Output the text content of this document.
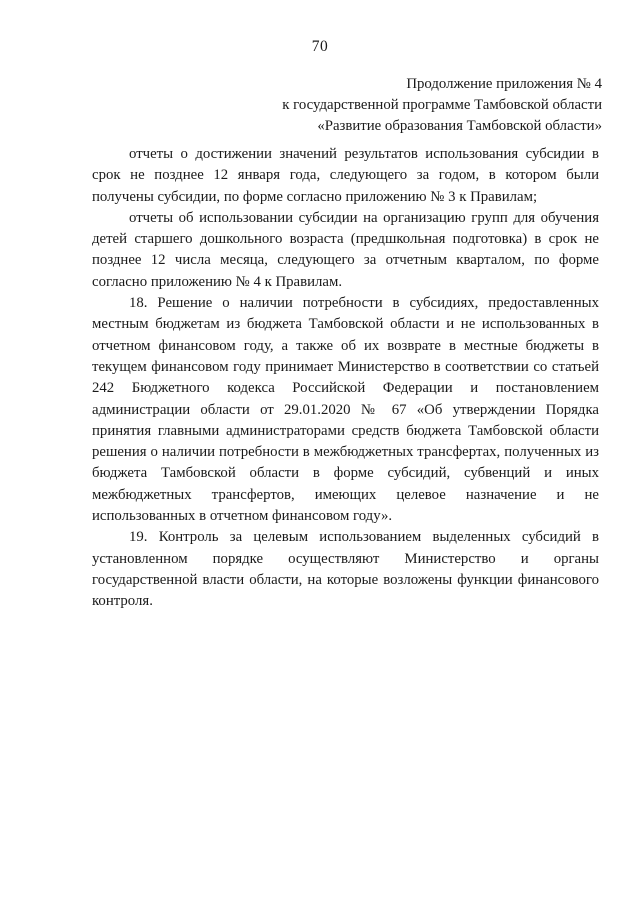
70
Продолжение приложения № 4
к государственной программе Тамбовской области
«Развитие образования Тамбовской области»

отчеты о достижении значений результатов использования субсидии в срок не позднее 12 января года, следующего за годом, в котором были получены субсидии, по форме согласно приложению № 3 к Правилам;

отчеты об использовании субсидии на организацию групп для обучения детей старшего дошкольного возраста (предшкольная подготовка) в срок не позднее 12 числа месяца, следующего за отчетным кварталом, по форме согласно приложению № 4 к Правилам.

18. Решение о наличии потребности в субсидиях, предоставленных местным бюджетам из бюджета Тамбовской области и не использованных в отчетном финансовом году, а также об их возврате в местные бюджеты в текущем финансовом году принимает Министерство в соответствии со статьей 242 Бюджетного кодекса Российской Федерации и постановлением администрации области от 29.01.2020 № 67 «Об утверждении Порядка принятия главными администраторами средств бюджета Тамбовской области решения о наличии потребности в межбюджетных трансфертах, полученных из бюджета Тамбовской области в форме субсидий, субвенций и иных межбюджетных трансфертов, имеющих целевое назначение и не использованных в отчетном финансовом году».

19. Контроль за целевым использованием выделенных субсидий в установленном порядке осуществляют Министерство и органы государственной власти области, на которые возложены функции финансового контроля.
